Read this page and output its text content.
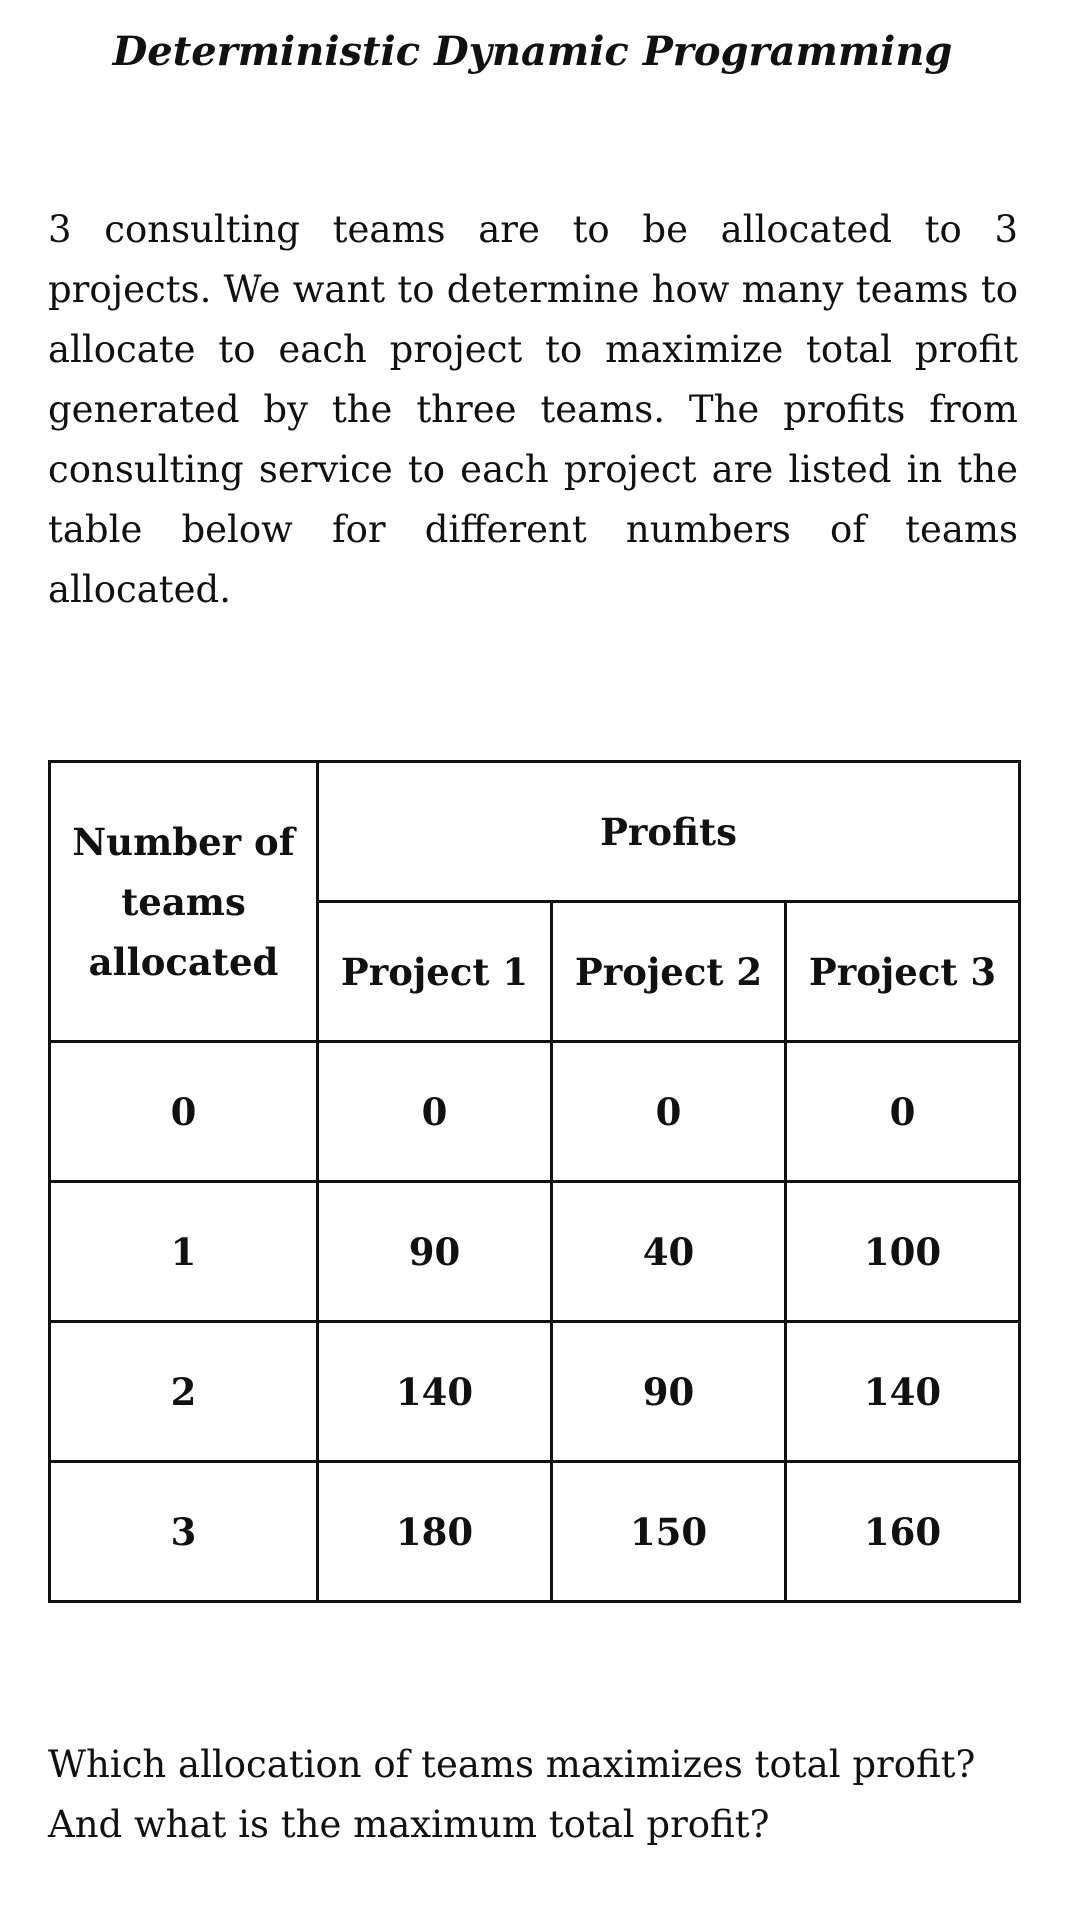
Deterministic Dynamic Programming
3 consulting teams are to be allocated to 3 projects. We want to determine how many teams to allocate to each project to maximize total profit generated by the three teams. The profits from consulting service to each project are listed in the table below for different numbers of teams allocated.
Number of teams allocated	Profits		
	Project 1	Project 2	Project 3
0	0	0	0
1	90	40	100
2	140	90	140
3	180	150	160
Which allocation of teams maximizes total profit?
And what is the maximum total profit?
